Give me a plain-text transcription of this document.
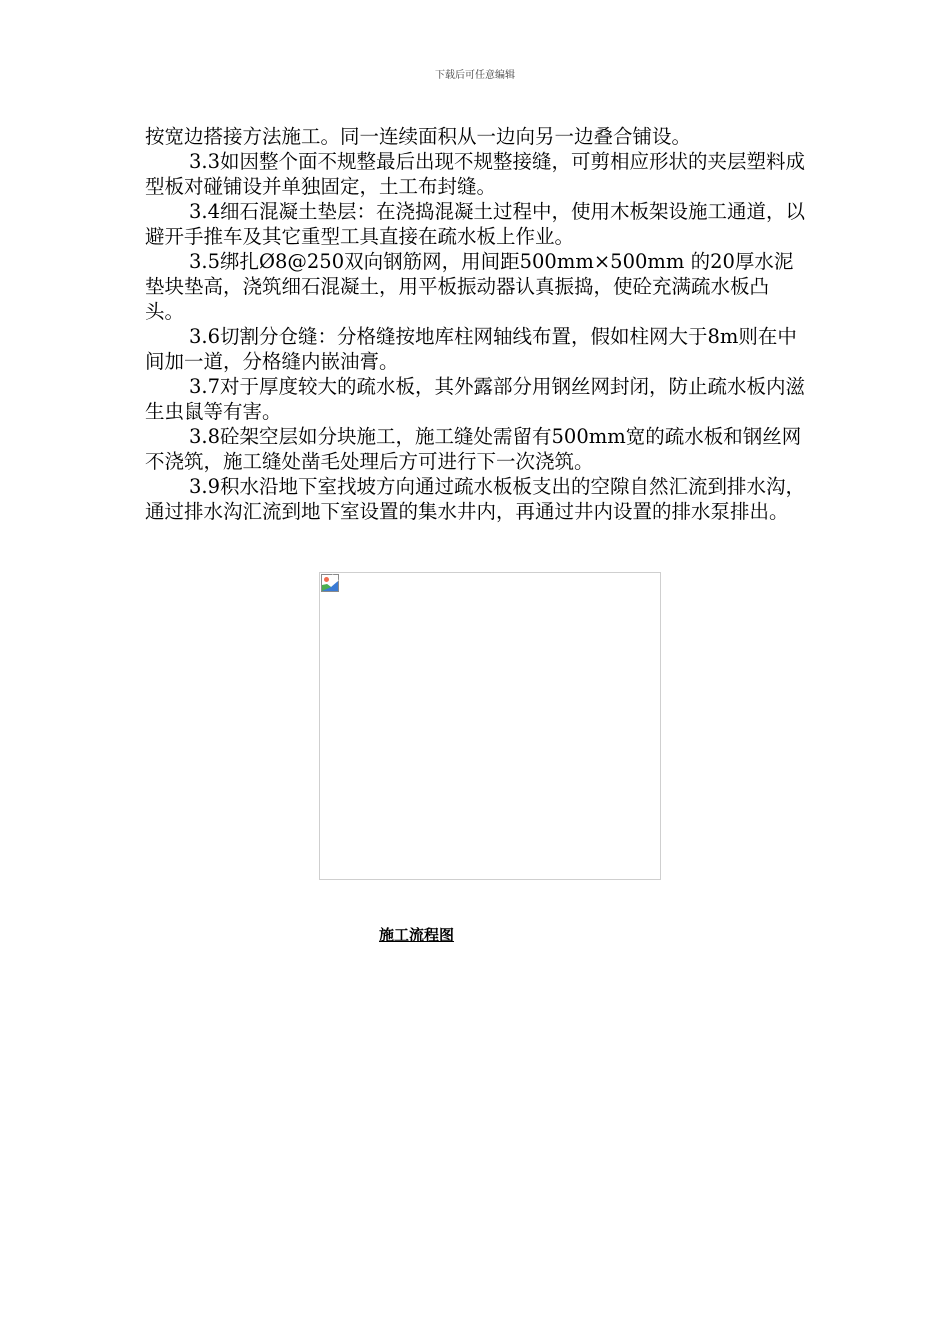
下载后可任意编辑

按宽边搭接方法施工。同一连续面积从一边向另一边叠合铺设。

3.3如因整个面不规整最后出现不规整接缝，可剪相应形状的夹层塑料成型板对碰铺设并单独固定，土工布封缝。

3.4细石混凝土垫层：在浇捣混凝土过程中，使用木板架设施工通道，以避开手推车及其它重型工具直接在疏水板上作业。

3.5绑扎Ø8@250双向钢筋网，用间距500mm×500mm 的20厚水泥垫块垫高，浇筑细石混凝土，用平板振动器认真振捣，使砼充满疏水板凸头。

3.6切割分仓缝：分格缝按地库柱网轴线布置，假如柱网大于8m则在中间加一道，分格缝内嵌油膏。

3.7对于厚度较大的疏水板，其外露部分用钢丝网封闭，防止疏水板内滋生虫鼠等有害。

3.8砼架空层如分块施工，施工缝处需留有500mm宽的疏水板和钢丝网不浇筑，施工缝处凿毛处理后方可进行下一次浇筑。

3.9积水沿地下室找坡方向通过疏水板板支出的空隙自然汇流到排水沟，通过排水沟汇流到地下室设置的集水井内，再通过井内设置的排水泵排出。

施工流程图
